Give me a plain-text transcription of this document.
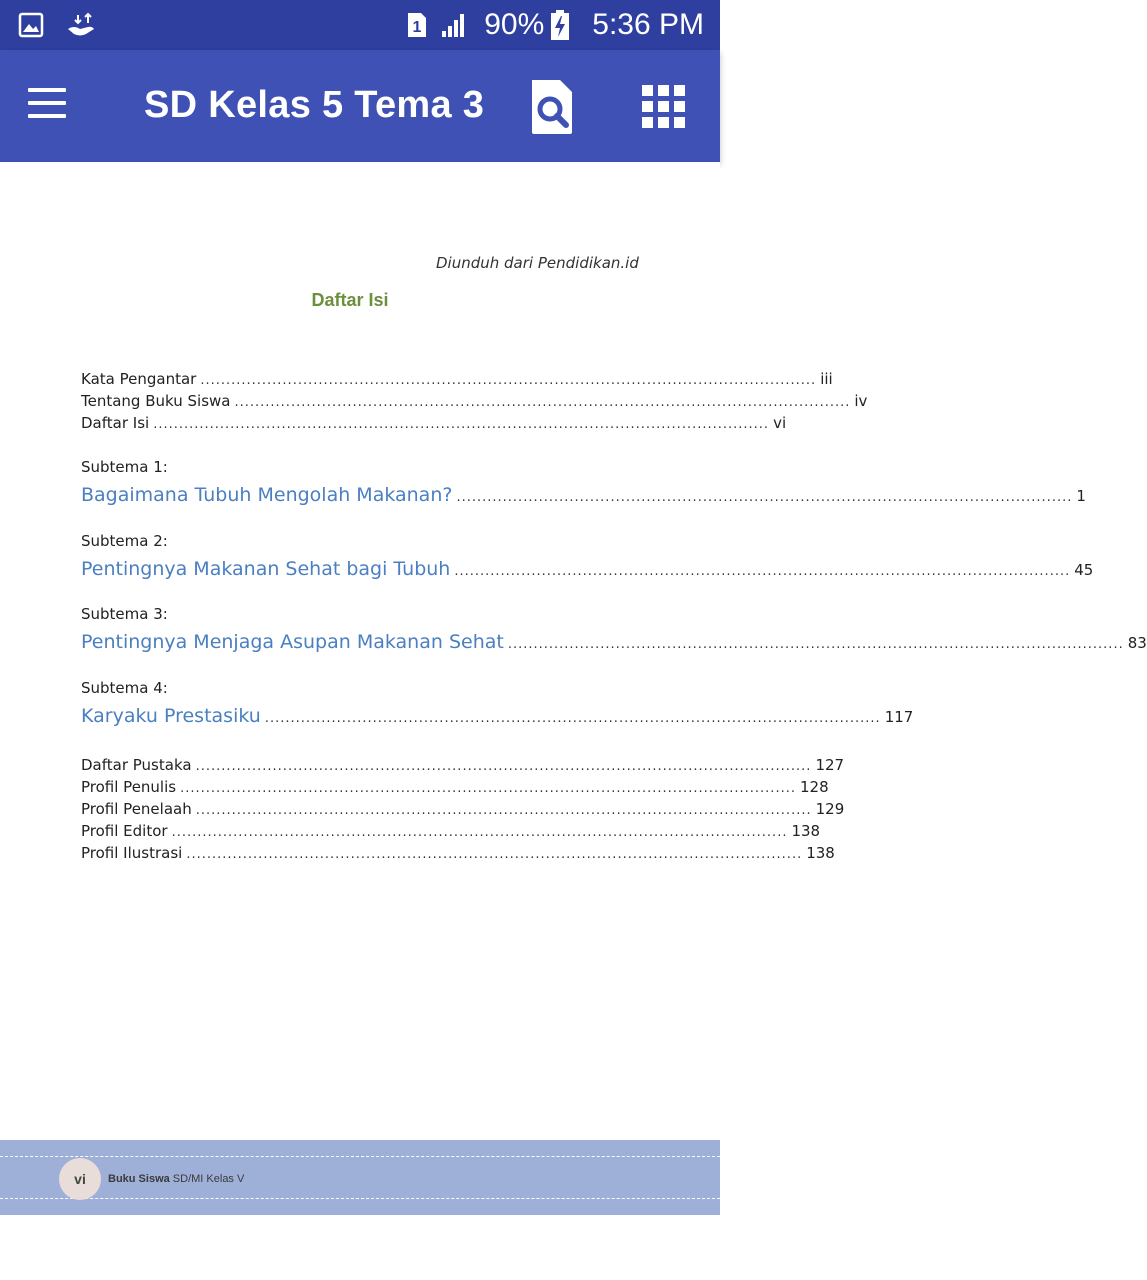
1 90% 5:36 PM
SD Kelas 5 Tema 3
Diunduh dari Pendidikan.id
Daftar Isi
Kata Pengantar ........................................................................................................................ iii
Tentang Buku Siswa ........................................................................................................................ iv
Daftar Isi ........................................................................................................................ vi
Subtema 1:
Bagaimana Tubuh Mengolah Makanan? ........................................................................................................................ 1
Subtema 2:
Pentingnya Makanan Sehat bagi Tubuh ........................................................................................................................ 45
Subtema 3:
Pentingnya Menjaga Asupan Makanan Sehat ........................................................................................................................ 83
Subtema 4:
Karyaku Prestasiku ........................................................................................................................ 117
Daftar Pustaka ........................................................................................................................ 127
Profil Penulis ........................................................................................................................ 128
Profil Penelaah ........................................................................................................................ 129
Profil Editor ........................................................................................................................ 138
Profil Ilustrasi ........................................................................................................................ 138
vi	Buku Siswa SD/MI Kelas V
